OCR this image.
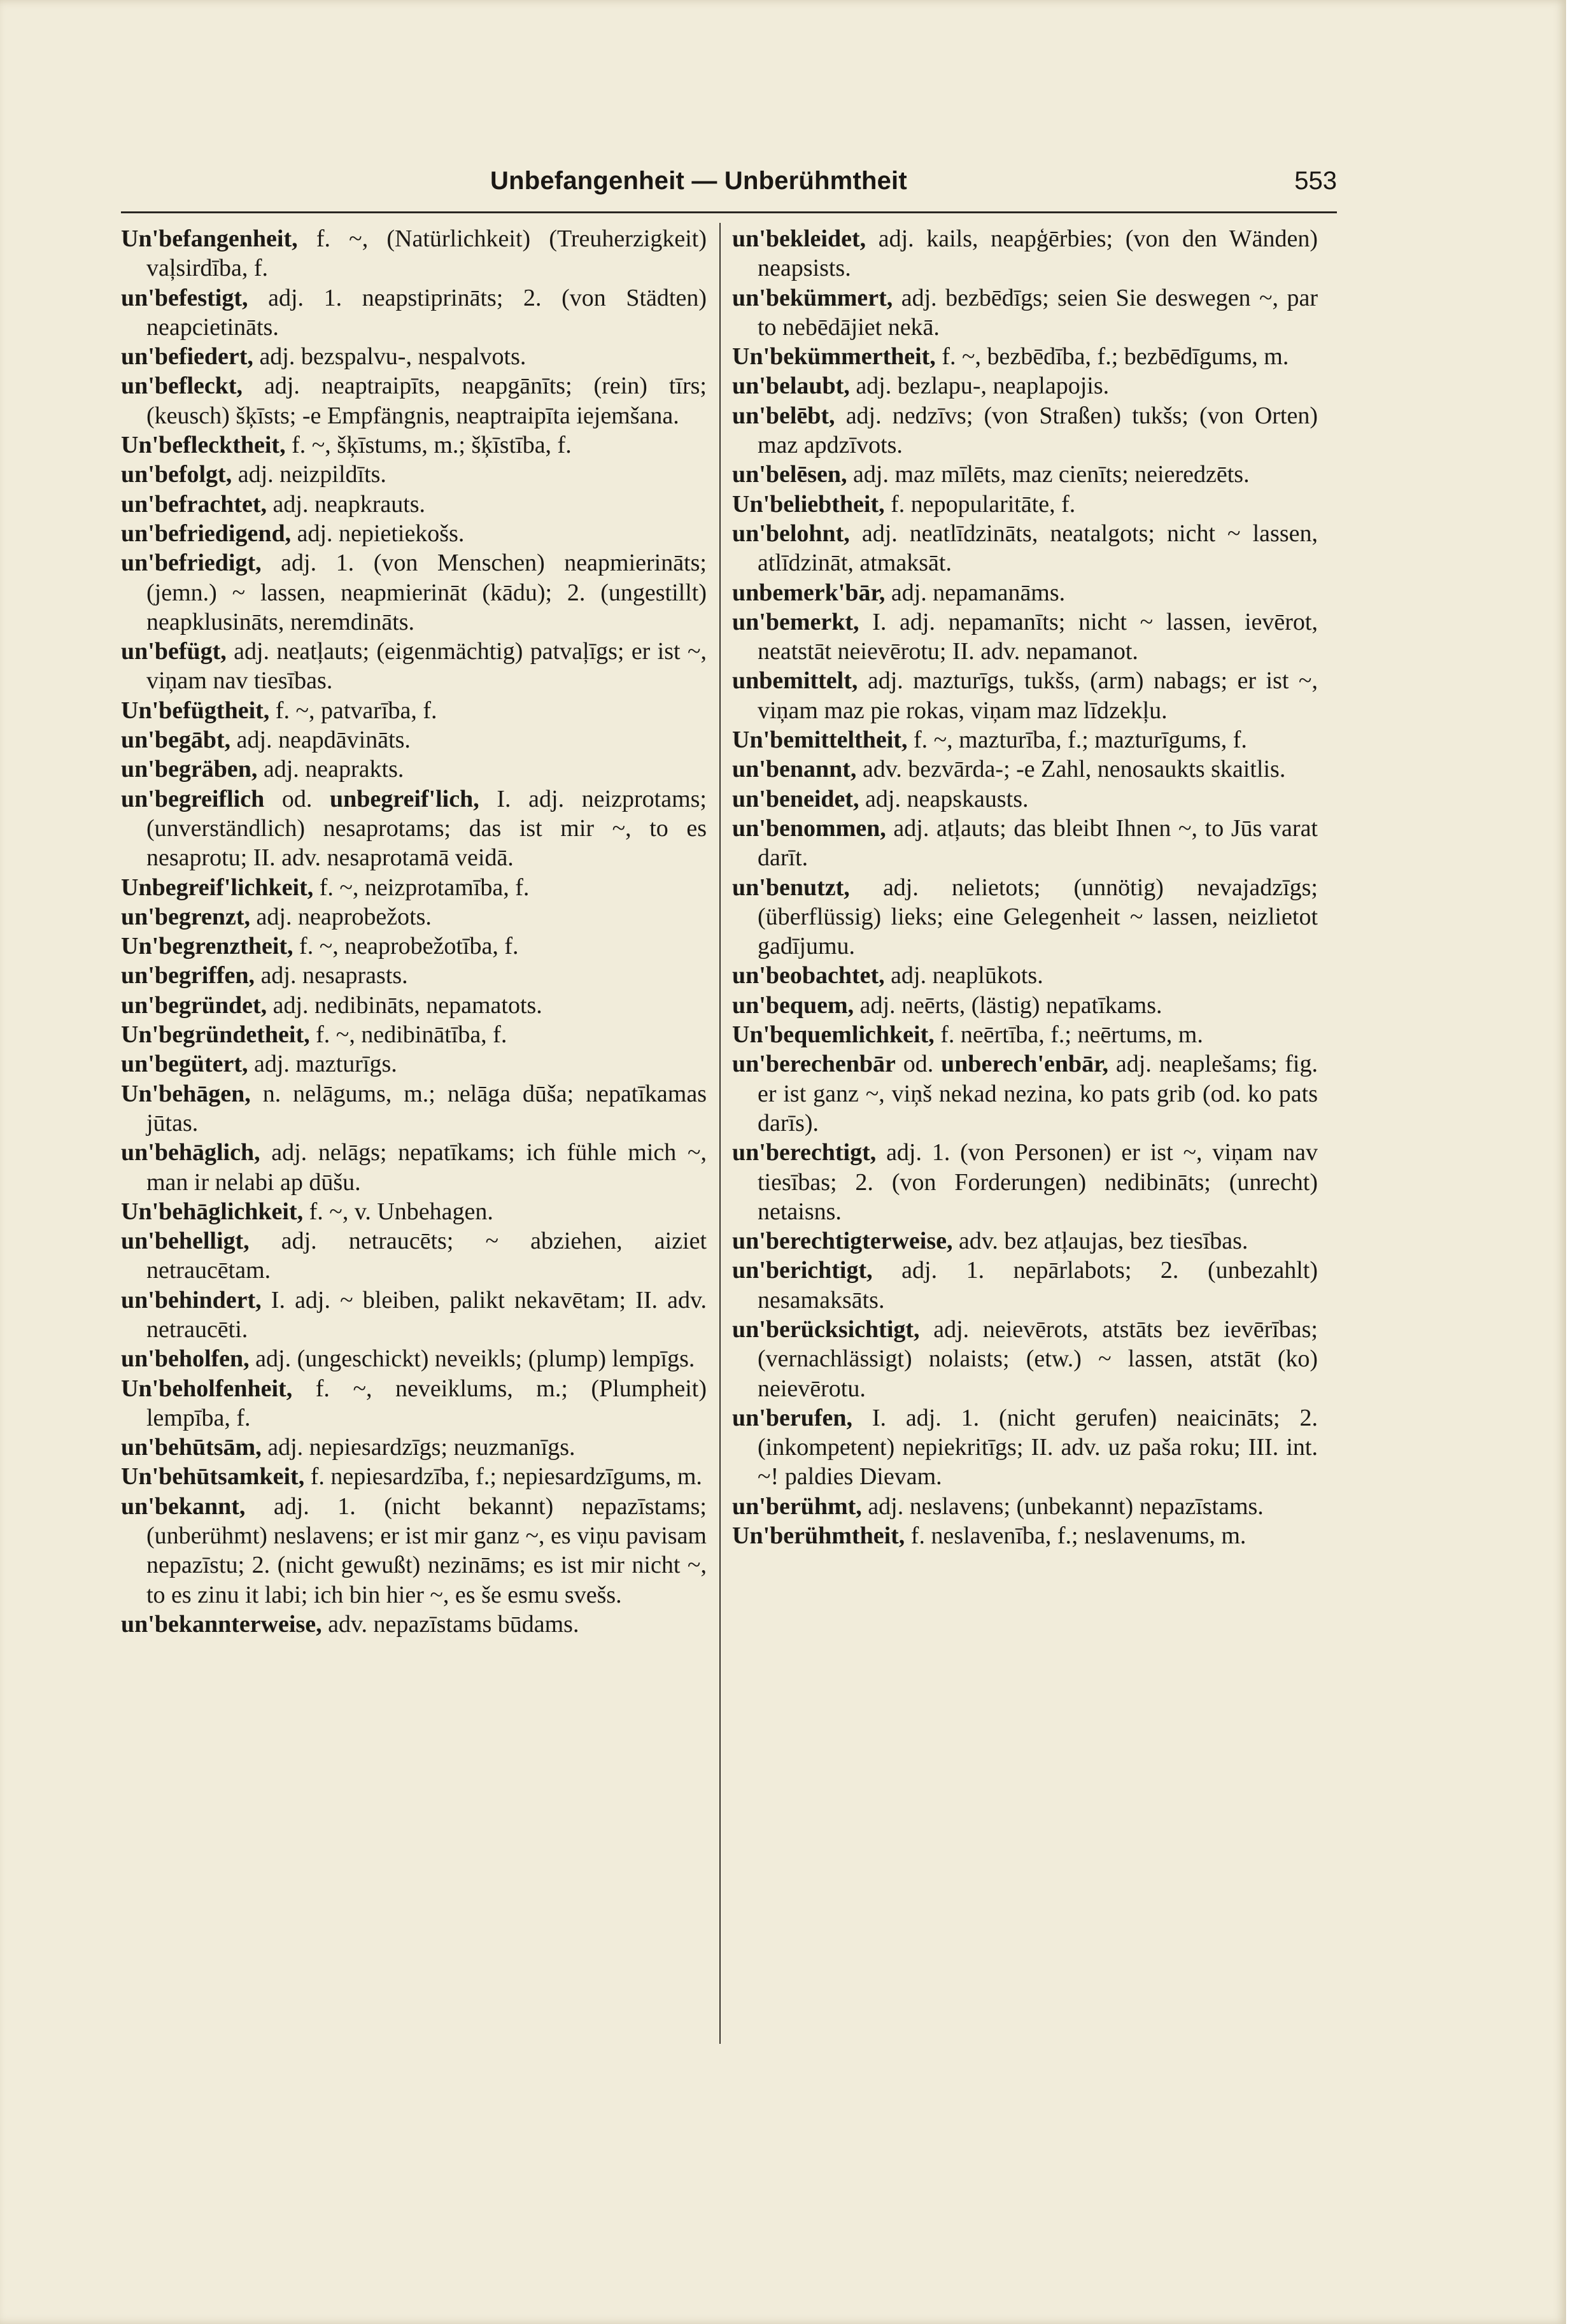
Unbefangenheit — Unberühmtheit	553
Un'befangenheit, f. ~, (Natürlichkeit) (Treuherzigkeit) vaļsirdība, f.
un'befestigt, adj. 1. neapstiprināts; 2. (von Städten) neapcietināts.
un'befiedert, adj. bezspalvu-, nespalvots.
un'befleckt, adj. neaptraipīts, neapgānīts; (rein) tīrs; (keusch) šķīsts; -e Empfängnis, neaptraipīta iejemšana.
Un'beflecktheit, f. ~, šķīstums, m.; šķīstība, f.
un'befolgt, adj. neizpildīts.
un'befrachtet, adj. neapkrauts.
un'befriedigend, adj. nepietiekošs.
un'befriedigt, adj. 1. (von Menschen) neapmierināts; (jemn.) ~ lassen, neapmierināt (kādu); 2. (ungestillt) neapklusināts, neremdināts.
un'befügt, adj. neatļauts; (eigenmächtig) patvaļīgs; er ist ~, viņam nav tiesības.
Un'befügtheit, f. ~, patvarība, f.
un'begābt, adj. neapdāvināts.
un'begräben, adj. neaprakts.
un'begreiflich od. unbegreif'lich, I. adj. neizprotams; (unverständlich) nesaprotams; das ist mir ~, to es nesaprotu; II. adv. nesaprotamā veidā.
Unbegreif'lichkeit, f. ~, neizprotamība, f.
un'begrenzt, adj. neaprobežots.
Un'begrenztheit, f. ~, neaprobežotība, f.
un'begriffen, adj. nesaprasts.
un'begründet, adj. nedibināts, nepamatots.
Un'begründetheit, f. ~, nedibinātība, f.
un'begütert, adj. mazturīgs.
Un'behāgen, n. nelāgums, m.; nelāga dūša; nepatīkamas jūtas.
un'behāglich, adj. nelāgs; nepatīkams; ich fühle mich ~, man ir nelabi ap dūšu.
Un'behāglichkeit, f. ~, v. Unbehagen.
un'behelligt, adj. netraucēts; ~ abziehen, aiziet netraucētam.
un'behindert, I. adj. ~ bleiben, palikt nekavētam; II. adv. netraucēti.
un'beholfen, adj. (ungeschickt) neveikls; (plump) lempīgs.
Un'beholfenheit, f. ~, neveiklums, m.; (Plumpheit) lempība, f.
un'behūtsām, adj. nepiesardzīgs; neuzmanīgs.
Un'behūtsamkeit, f. nepiesardzība, f.; nepiesardzīgums, m.
un'bekannt, adj. 1. (nicht bekannt) nepazīstams; (unberühmt) neslavens; er ist mir ganz ~, es viņu pavisam nepazīstu; 2. (nicht gewußt) nezināms; es ist mir nicht ~, to es zinu it labi; ich bin hier ~, es še esmu svešs.
un'bekannterweise, adv. nepazīstams būdams.
un'bekleidet, adj. kails, neapģērbies; (von den Wänden) neapsists.
un'bekümmert, adj. bezbēdīgs; seien Sie deswegen ~, par to nebēdājiet nekā.
Un'bekümmertheit, f. ~, bezbēdība, f.; bezbēdīgums, m.
un'belaubt, adj. bezlapu-, neaplapojis.
un'belēbt, adj. nedzīvs; (von Straßen) tukšs; (von Orten) maz apdzīvots.
un'belēsen, adj. maz mīlēts, maz cienīts; neieredzēts.
Un'beliebtheit, f. nepopularitāte, f.
un'belohnt, adj. neatlīdzināts, neatalgots; nicht ~ lassen, atlīdzināt, atmaksāt.
unbemerk'bār, adj. nepamanāms.
un'bemerkt, I. adj. nepamanīts; nicht ~ lassen, ievērot, neatstāt neievērotu; II. adv. nepamanot.
unbemittelt, adj. mazturīgs, tukšs, (arm) nabags; er ist ~, viņam maz pie rokas, viņam maz līdzekļu.
Un'bemitteltheit, f. ~, mazturība, f.; mazturīgums, f.
un'benannt, adv. bezvārda-; -e Zahl, nenosaukts skaitlis.
un'beneidet, adj. neapskausts.
un'benommen, adj. atļauts; das bleibt Ihnen ~, to Jūs varat darīt.
un'benutzt, adj. nelietots; (unnötig) nevajadzīgs; (überflüssig) lieks; eine Gelegenheit ~ lassen, neizlietot gadījumu.
un'beobachtet, adj. neaplūkots.
un'bequem, adj. neērts, (lästig) nepatīkams.
Un'bequemlichkeit, f. neērtība, f.; neērtums, m.
un'berechenbār od. unberech'enbār, adj. neaplešams; fig. er ist ganz ~, viņš nekad nezina, ko pats grib (od. ko pats darīs).
un'berechtigt, adj. 1. (von Personen) er ist ~, viņam nav tiesības; 2. (von Forderungen) nedibināts; (unrecht) netaisns.
un'berechtigterweise, adv. bez atļaujas, bez tiesības.
un'berichtigt, adj. 1. nepārlabots; 2. (unbezahlt) nesamaksāts.
un'berücksichtigt, adj. neievērots, atstāts bez ievērības; (vernachlässigt) nolaists; (etw.) ~ lassen, atstāt (ko) neievērotu.
un'berufen, I. adj. 1. (nicht gerufen) neaicināts; 2. (inkompetent) nepiekritīgs; II. adv. uz paša roku; III. int. ~! paldies Dievam.
un'berühmt, adj. neslavens; (unbekannt) nepazīstams.
Un'berühmtheit, f. neslavenība, f.; neslavenums, m.
